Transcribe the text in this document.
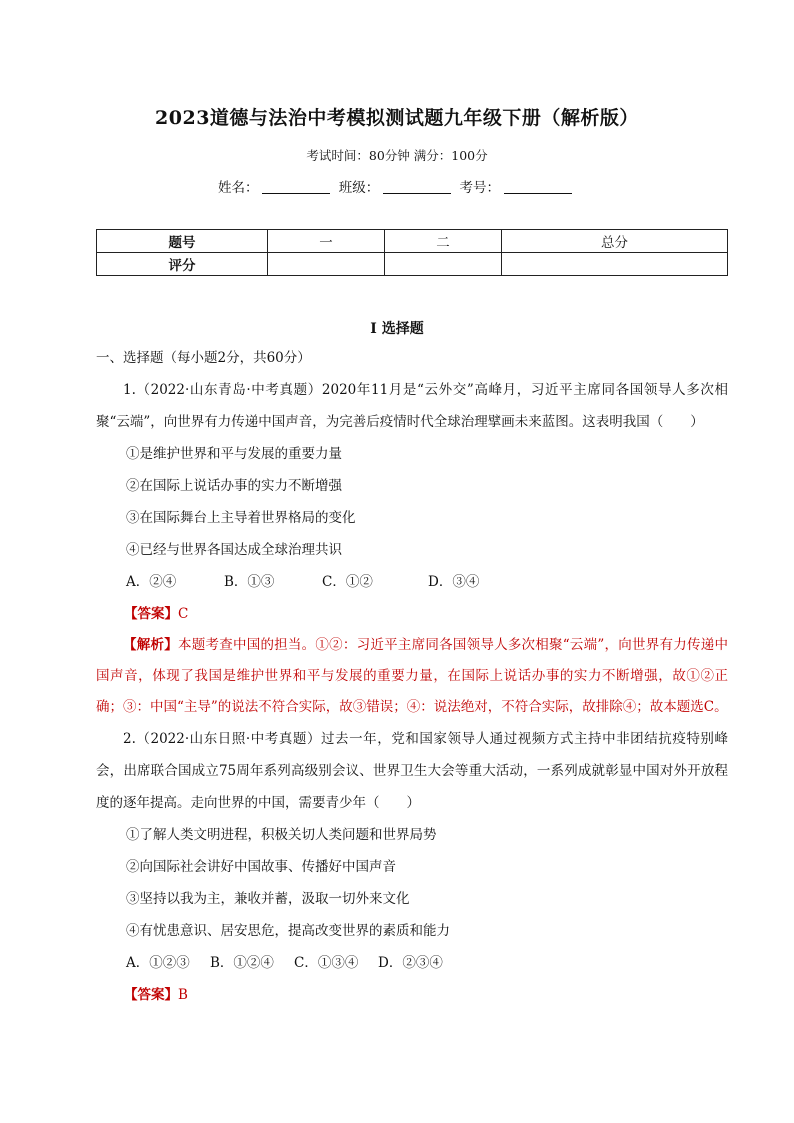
2023道德与法治中考模拟测试题九年级下册（解析版）
考试时间：80分钟 满分：100分
姓名：	班级：	考号：
题号	一	二	总分
评分			
I 选择题
一、选择题（每小题2分，共60分）
1.（2022·山东青岛·中考真题）2020年11月是“云外交”高峰月，习近平主席同各国领导人多次相聚“云端”，向世界有力传递中国声音，为完善后疫情时代全球治理擘画未来蓝图。这表明我国（　　）
①是维护世界和平与发展的重要力量
②在国际上说话办事的实力不断增强
③在国际舞台上主导着世界格局的变化
④已经与世界各国达成全球治理共识
A．②④	B．①③	C．①②	D．③④
【答案】C
【解析】本题考查中国的担当。①②：习近平主席同各国领导人多次相聚“云端”，向世界有力传递中国声音，体现了我国是维护世界和平与发展的重要力量，在国际上说话办事的实力不断增强，故①②正确；③：中国“主导”的说法不符合实际，故③错误；④：说法绝对，不符合实际，故排除④；故本题选C。
2.（2022·山东日照·中考真题）过去一年，党和国家领导人通过视频方式主持中非团结抗疫特别峰会，出席联合国成立75周年系列高级别会议、世界卫生大会等重大活动，一系列成就彰显中国对外开放程度的逐年提高。走向世界的中国，需要青少年（　　）
①了解人类文明进程，积极关切人类问题和世界局势
②向国际社会讲好中国故事、传播好中国声音
③坚持以我为主，兼收并蓄，汲取一切外来文化
④有忧患意识、居安思危，提高改变世界的素质和能力
A．①②③ B．①②④ C．①③④ D．②③④
【答案】B
